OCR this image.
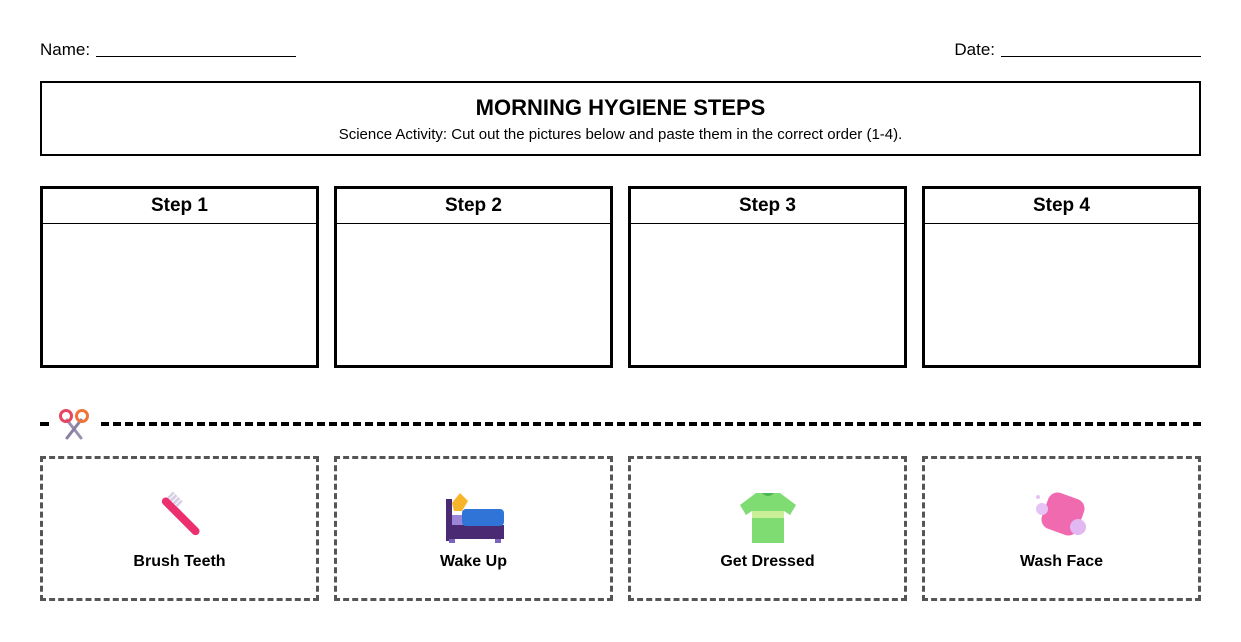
Name:	Date:
MORNING HYGIENE STEPS
Science Activity: Cut out the pictures below and paste them in the correct order (1-4).
Step 1	Step 2	Step 3	Step 4
Brush Teeth	Wake Up	Get Dressed	Wash Face
